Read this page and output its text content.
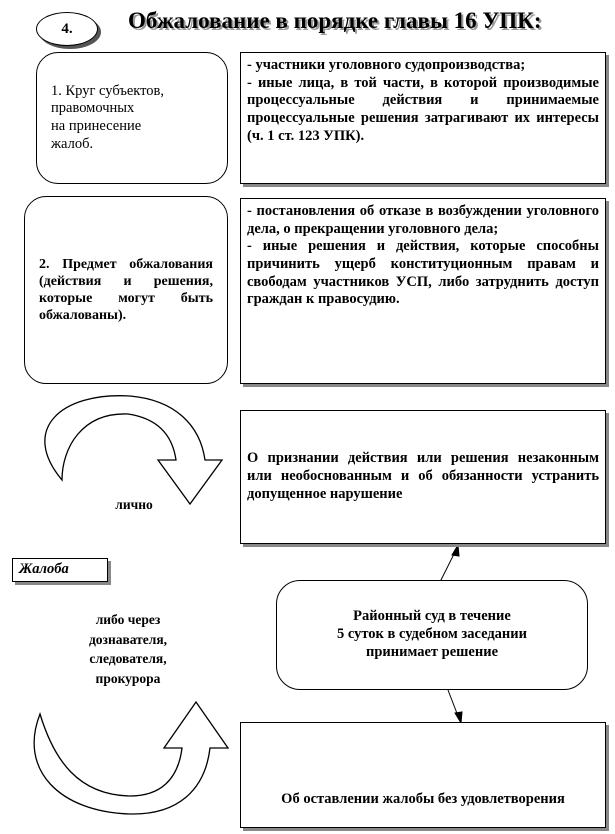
4. Обжалование в порядке главы 16 УПК:

1. Круг субъектов,
правомочных
на принесение
жалоб.

- участники уголовного судопроизводства;

- иные лица, в той части, в которой производимые процессуальные действия и принимаемые процессуальные решения затрагивают их интересы (ч. 1 ст. 123 УПК).

2. Предмет обжалования (действия и решения, которые могут быть обжалованы).

- постановления об отказе в возбуждении уголовного дела, о прекращении уголовного дела;

- иные решения и действия, которые способны причинить ущерб конституционным правам и свободам участников УСП, либо затруднить доступ граждан к правосудию.

О признании действия или решения незаконным или необоснованным и об обязанности устранить допущенное нарушение

лично
Жалоба
либо через
дознавателя,
следователя,
прокурора

Районный суд в течение
5 суток в судебном заседании
принимает решение

Об оставлении жалобы без удовлетворения
